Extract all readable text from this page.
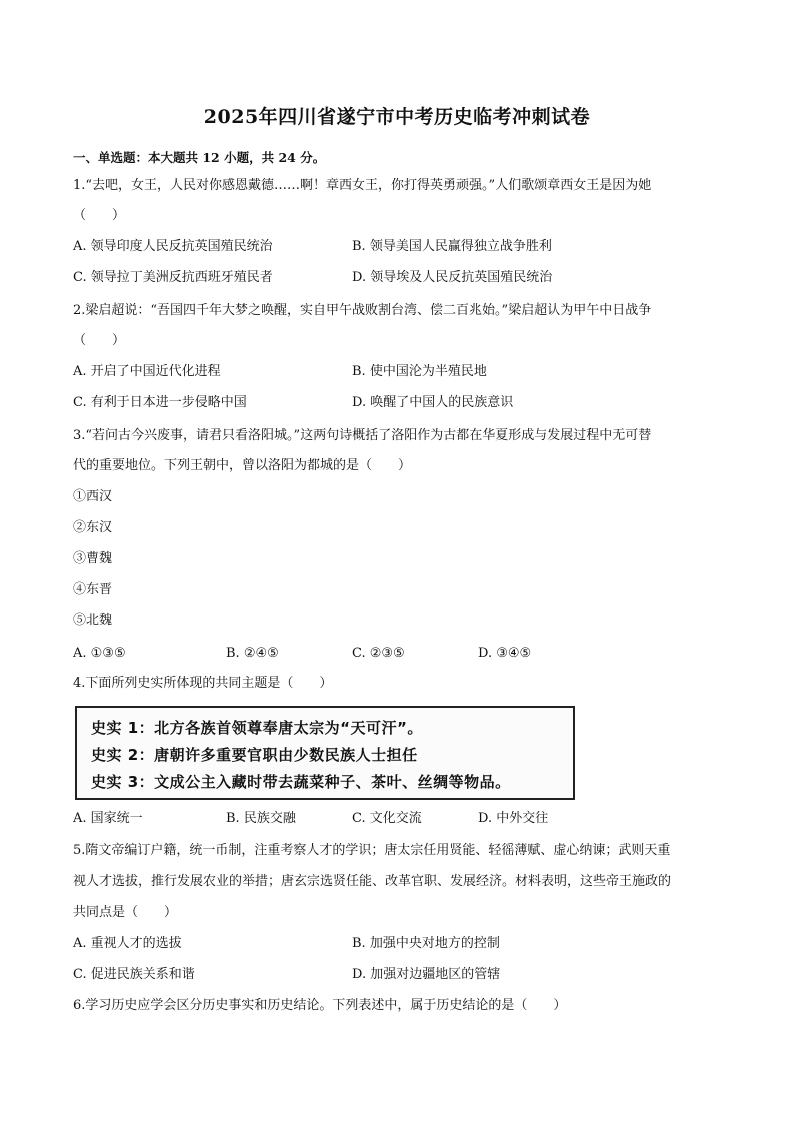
2025年四川省遂宁市中考历史临考冲刺试卷
一、单选题：本大题共 12 小题，共 24 分。
1.“去吧，女王，人民对你感恩戴德……啊！章西女王，你打得英勇顽强。”人们歌颂章西女王是因为她
（　　）
A. 领导印度人民反抗英国殖民统治	B. 领导美国人民赢得独立战争胜利
C. 领导拉丁美洲反抗西班牙殖民者	D. 领导埃及人民反抗英国殖民统治
2.梁启超说：“吾国四千年大梦之唤醒，实自甲午战败割台湾、偿二百兆始。”梁启超认为甲午中日战争
（　　）
A. 开启了中国近代化进程	B. 使中国沦为半殖民地
C. 有利于日本进一步侵略中国	D. 唤醒了中国人的民族意识
3.“若问古今兴废事，请君只看洛阳城。”这两句诗概括了洛阳作为古都在华夏形成与发展过程中无可替
代的重要地位。下列王朝中，曾以洛阳为都城的是（　　）
①西汉
②东汉
③曹魏
④东晋
⑤北魏
A. ①③⑤	B. ②④⑤	C. ②③⑤	D. ③④⑤
4.下面所列史实所体现的共同主题是（　　）
史实 1：北方各族首领尊奉唐太宗为“天可汗”。
史实 2：唐朝许多重要官职由少数民族人士担任
史实 3：文成公主入藏时带去蔬菜种子、茶叶、丝绸等物品。
A. 国家统一	B. 民族交融	C. 文化交流	D. 中外交往
5.隋文帝编订户籍，统一币制，注重考察人才的学识；唐太宗任用贤能、轻徭薄赋、虚心纳谏；武则天重
视人才选拔，推行发展农业的举措；唐玄宗选贤任能、改革官职、发展经济。材料表明，这些帝王施政的
共同点是（　　）
A. 重视人才的选拔	B. 加强中央对地方的控制
C. 促进民族关系和谐	D. 加强对边疆地区的管辖
6.学习历史应学会区分历史事实和历史结论。下列表述中，属于历史结论的是（　　）
